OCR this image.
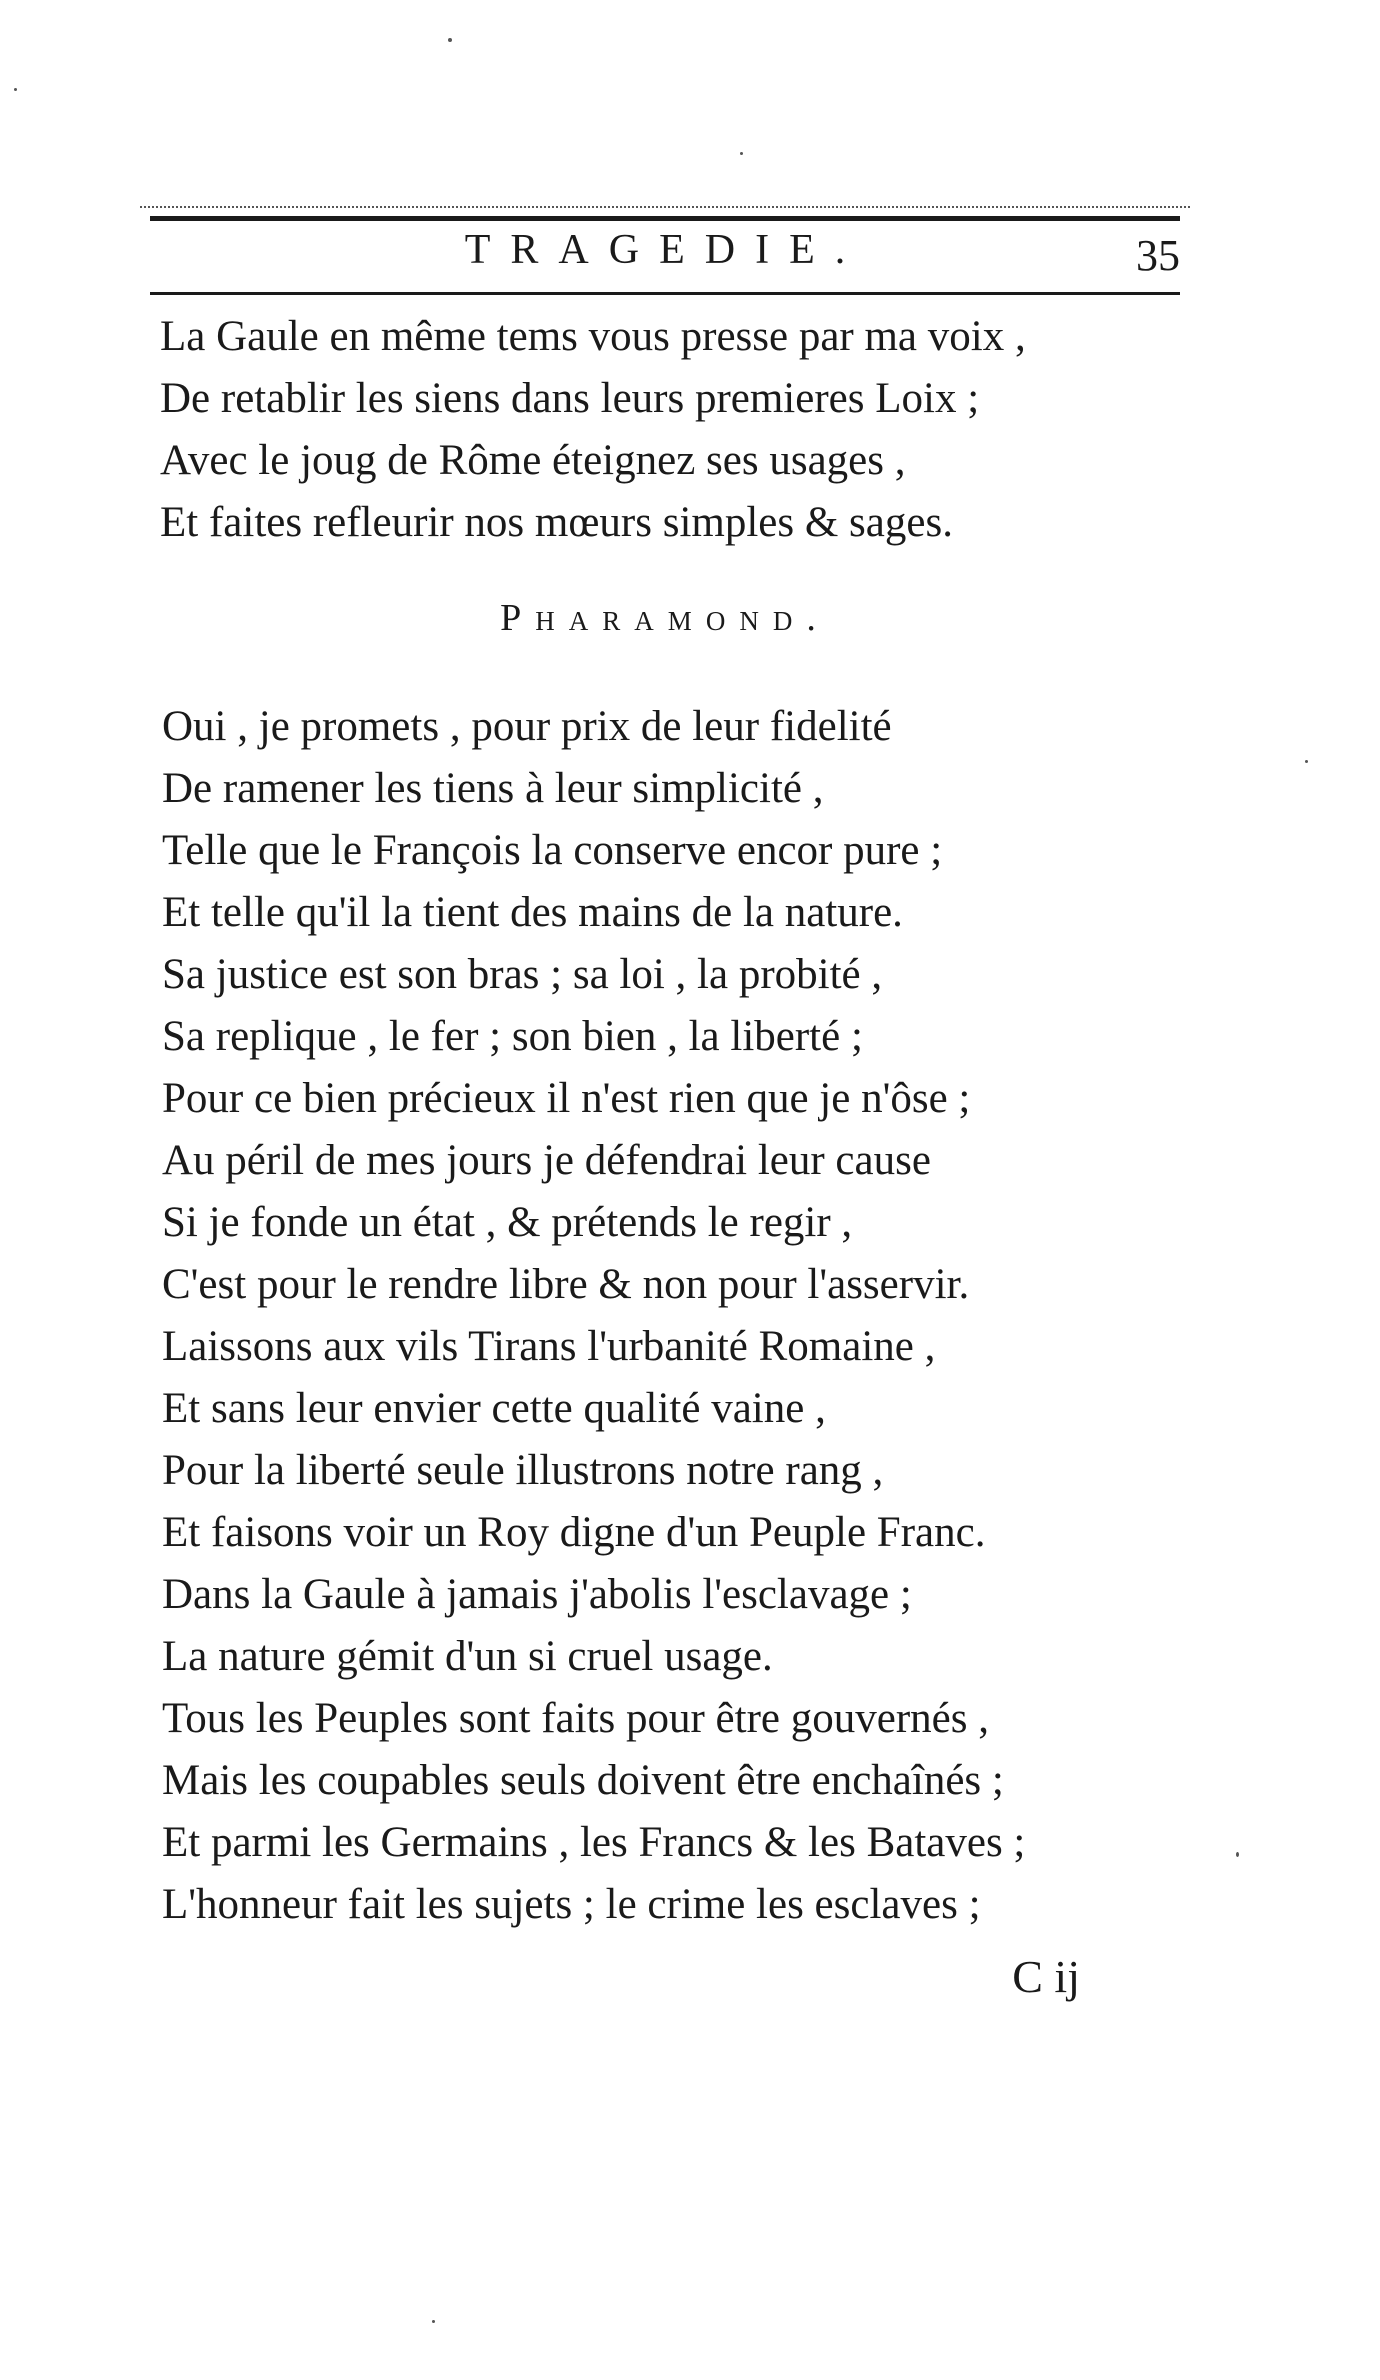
TRAGEDIE.	35
La Gaule en même tems vous presse par ma voix ,
De retablir les siens dans leurs premieres Loix ;
Avec le joug de Rôme éteignez ses usages ,
Et faites refleurir nos mœurs simples & sages.
Pharamond.
Oui , je promets , pour prix de leur fidelité
De ramener les tiens à leur simplicité ,
Telle que le François la conserve encor pure ;
Et telle qu'il la tient des mains de la nature.
Sa justice est son bras ; sa loi , la probité ,
Sa replique , le fer ; son bien , la liberté ;
Pour ce bien précieux il n'est rien que je n'ôse ;
Au péril de mes jours je défendrai leur cause
Si je fonde un état , & prétends le regir ,
C'est pour le rendre libre & non pour l'asservir.
Laissons aux vils Tirans l'urbanité Romaine ,
Et sans leur envier cette qualité vaine ,
Pour la liberté seule illustrons notre rang ,
Et faisons voir un Roy digne d'un Peuple Franc.
Dans la Gaule à jamais j'abolis l'esclavage ;
La nature gémit d'un si cruel usage.
Tous les Peuples sont faits pour être gouvernés ,
Mais les coupables seuls doivent être enchaînés ;
Et parmi les Germains , les Francs & les Bataves ;
L'honneur fait les sujets ; le crime les esclaves ;
C ij
